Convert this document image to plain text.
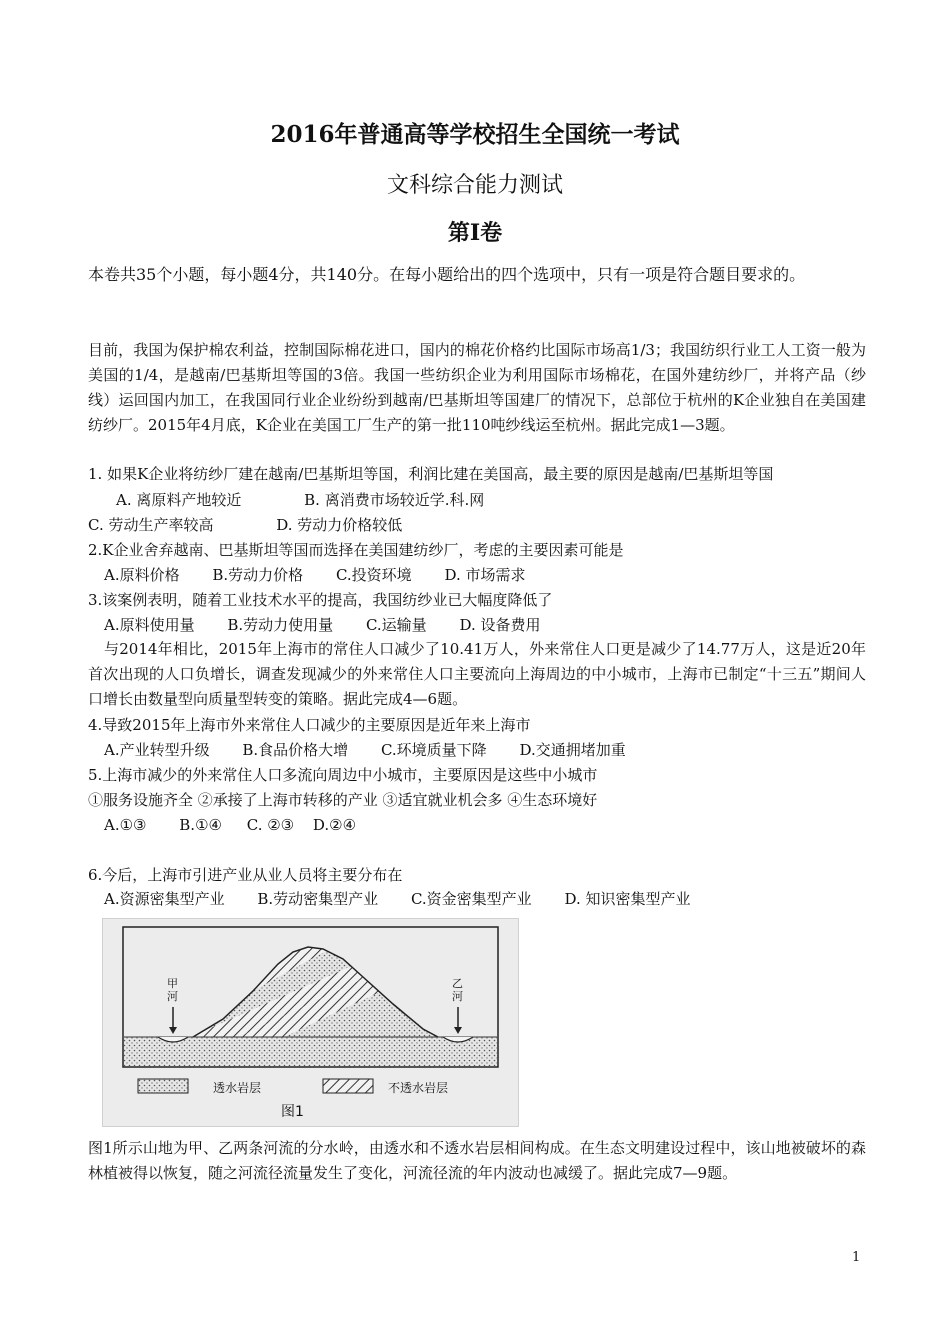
2016年普通高等学校招生全国统一考试
文科综合能力测试
第Ⅰ卷
本卷共35个小题，每小题4分，共140分。在每小题给出的四个选项中，只有一项是符合题目要求的。
目前，我国为保护棉农利益，控制国际棉花进口，国内的棉花价格约比国际市场高1/3；我国纺织行业工人工资一般为美国的1/4，是越南/巴基斯坦等国的3倍。我国一些纺织企业为利用国际市场棉花，在国外建纺纱厂，并将产品（纱线）运回国内加工，在我国同行业企业纷纷到越南/巴基斯坦等国建厂的情况下，总部位于杭州的K企业独自在美国建纺纱厂。2015年4月底，K企业在美国工厂生产的第一批110吨纱线运至杭州。据此完成1—3题。
1. 如果K企业将纺纱厂建在越南/巴基斯坦等国，利润比建在美国高，最主要的原因是越南/巴基斯坦等国
A. 离原料产地较近	B. 离消费市场较近学.科.网
C. 劳动生产率较高	D. 劳动力价格较低
2.K企业舍弃越南、巴基斯坦等国而选择在美国建纺纱厂，考虑的主要因素可能是
A.原料价格 B.劳动力价格 C.投资环境 D. 市场需求
3.该案例表明，随着工业技术水平的提高，我国纺纱业已大幅度降低了
A.原料使用量 B.劳动力使用量 C.运输量 D. 设备费用
与2014年相比，2015年上海市的常住人口减少了10.41万人，外来常住人口更是减少了14.77万人，这是近20年首次出现的人口负增长，调查发现减少的外来常住人口主要流向上海周边的中小城市，上海市已制定“十三五”期间人口增长由数量型向质量型转变的策略。据此完成4—6题。
4.导致2015年上海市外来常住人口减少的主要原因是近年来上海市
A.产业转型升级 B.食品价格大增 C.环境质量下降 D.交通拥堵加重
5.上海市减少的外来常住人口多流向周边中小城市，主要原因是这些中小城市
①服务设施齐全 ②承接了上海市转移的产业 ③适宜就业机会多 ④生态环境好
A.①③ B.①④ C. ②③ D.②④
6.今后，上海市引进产业从业人员将主要分布在
A.资源密集型产业 B.劳动密集型产业 C.资金密集型产业 D. 知识密集型产业
甲河
乙河
透水岩层	不透水岩层
图1
图1所示山地为甲、乙两条河流的分水岭，由透水和不透水岩层相间构成。在生态文明建设过程中，该山地被破坏的森林植被得以恢复，随之河流径流量发生了变化，河流径流的年内波动也减缓了。据此完成7—9题。
1
